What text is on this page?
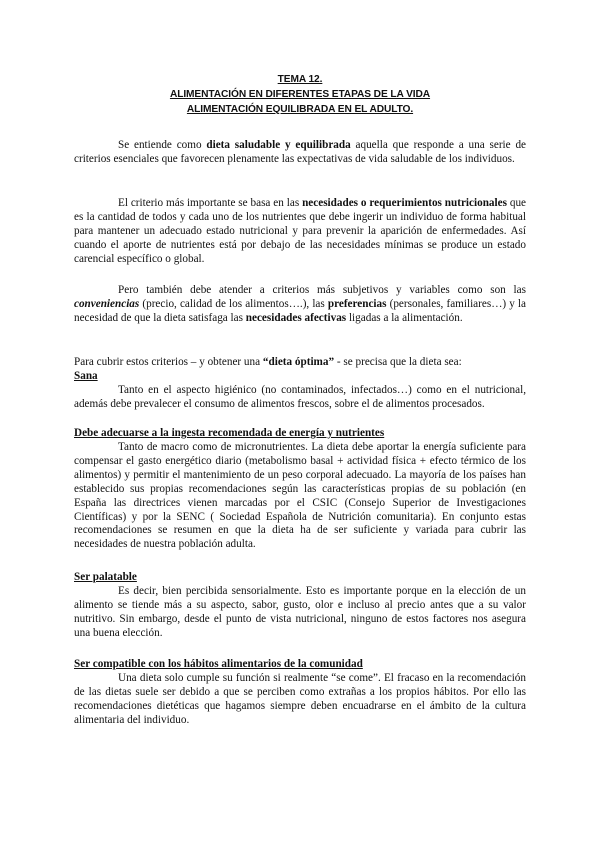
TEMA 12.

ALIMENTACIÓN EN DIFERENTES ETAPAS DE LA VIDA

ALIMENTACIÓN EQUILIBRADA EN EL ADULTO.

Se entiende como dieta saludable y equilibrada aquella que responde a una serie de criterios esenciales que favorecen plenamente las expectativas de vida saludable de los individuos.

El criterio más importante se basa en las necesidades o requerimientos nutricionales que es la cantidad de todos y cada uno de los nutrientes que debe ingerir un individuo de forma habitual para mantener un adecuado estado nutricional y para prevenir la aparición de enfermedades. Así cuando el aporte de nutrientes está por debajo de las necesidades mínimas se produce un estado carencial específico o global.

Pero también debe atender a criterios más subjetivos y variables como son las conveniencias (precio, calidad de los alimentos….), las preferencias (personales, familiares…) y la necesidad de que la dieta satisfaga las necesidades afectivas ligadas a la alimentación.

Para cubrir estos criterios – y obtener una “dieta óptima” - se precisa que la dieta sea:

Sana

Tanto en el aspecto higiénico (no contaminados, infectados…) como en el nutricional, además debe prevalecer el consumo de alimentos frescos, sobre el de alimentos procesados.

Debe adecuarse a la ingesta recomendada de energía y nutrientes

Tanto de macro como de micronutrientes. La dieta debe aportar la energía suficiente para compensar el gasto energético diario (metabolismo basal + actividad física + efecto térmico de los alimentos) y permitir el mantenimiento de un peso corporal adecuado. La mayoría de los países han establecido sus propias recomendaciones según las características propias de su población (en España las directrices vienen marcadas por el CSIC (Consejo Superior de Investigaciones Científicas) y por la SENC ( Sociedad Española de Nutrición comunitaria). En conjunto estas recomendaciones se resumen en que la dieta ha de ser suficiente y variada para cubrir las necesidades de nuestra población adulta.

Ser palatable

Es decir, bien percibida sensorialmente. Esto es importante porque en la elección de un alimento se tiende más a su aspecto, sabor, gusto, olor e incluso al precio antes que a su valor nutritivo. Sin embargo, desde el punto de vista nutricional, ninguno de estos factores nos asegura una buena elección.

Ser compatible con los hábitos alimentarios de la comunidad

Una dieta solo cumple su función si realmente “se come”. El fracaso en la recomendación de las dietas suele ser debido a que se perciben como extrañas a los propios hábitos. Por ello las recomendaciones dietéticas que hagamos siempre deben encuadrarse en el ámbito de la cultura alimentaria del individuo.
